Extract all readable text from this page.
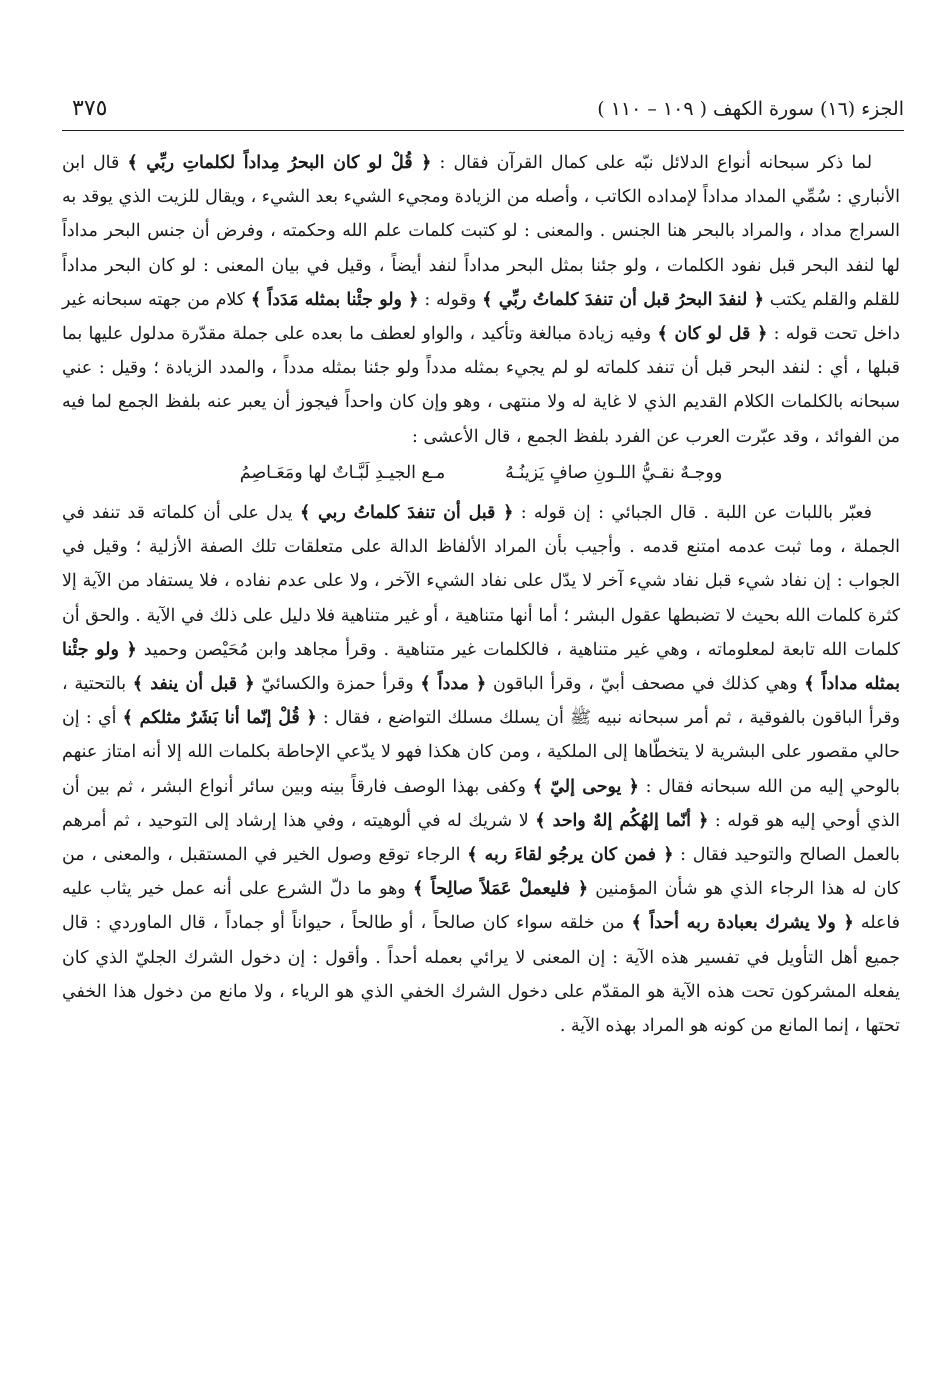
الجزء (١٦) سورة الكهف ( ١٠٩ – ١١٠ )
٣٧٥

لما ذكر سبحانه أنواع الدلائل نبّه على كمال القرآن فقال : ﴿ قُلْ لو كان البحرُ مِداداً لكلماتِ ربِّي ﴾ قال ابن الأنباري : سُمِّي المداد مداداً لإمداده الكاتب ، وأصله من الزيادة ومجيء الشيء بعد الشيء ، ويقال للزيت الذي يوقد به السراج مداد ، والمراد بالبحر هنا الجنس . والمعنى : لو كتبت كلمات علم الله وحكمته ، وفرض أن جنس البحر مداداً لها لنفد البحر قبل نفود الكلمات ، ولو جئنا بمثل البحر مداداً لنفد أيضاً ، وقيل في بيان المعنى : لو كان البحر مداداً للقلم والقلم يكتب ﴿ لنفدَ البحرُ قبل أن تنفدَ كلماتُ ربِّي ﴾ وقوله : ﴿ ولو جئْنا بمثله مَدَداً ﴾ كلام من جهته سبحانه غير داخل تحت قوله : ﴿ قل لو كان ﴾ وفيه زيادة مبالغة وتأكيد ، والواو لعطف ما بعده على جملة مقدّرة مدلول عليها بما قبلها ، أي : لنفد البحر قبل أن تنفد كلماته لو لم يجيء بمثله مدداً ولو جئنا بمثله مدداً ، والمدد الزيادة ؛ وقيل : عني سبحانه بالكلمات الكلام القديم الذي لا غاية له ولا منتهى ، وهو وإن كان واحداً فيجوز أن يعبر عنه بلفظ الجمع لما فيه من الفوائد ، وقد عبّرت العرب عن الفرد بلفظ الجمع ، قال الأعشى :

ووجـهٌ نقـيُّ اللـونِ صافٍ يَزينُـهُ
مـع الجيـدِ لَبَّـاتٌ لها ومَعَـاصِمُ

فعبّر باللبات عن اللبة . قال الجبائي : إن قوله : ﴿ قبل أن تنفدَ كلماتُ ربي ﴾ يدل على أن كلماته قد تنفد في الجملة ، وما ثبت عدمه امتنع قدمه . وأجيب بأن المراد الألفاظ الدالة على متعلقات تلك الصفة الأزلية ؛ وقيل في الجواب : إن نفاد شيء قبل نفاد شيء آخر لا يدّل على نفاد الشيء الآخر ، ولا على عدم نفاده ، فلا يستفاد من الآية إلا كثرة كلمات الله بحيث لا تضبطها عقول البشر ؛ أما أنها متناهية ، أو غير متناهية فلا دليل على ذلك في الآية . والحق أن كلمات الله تابعة لمعلوماته ، وهي غير متناهية ، فالكلمات غير متناهية . وقرأ مجاهد وابن مُحَيْصن وحميد ﴿ ولو جئْنا بمثله مداداً ﴾ وهي كذلك في مصحف أبيّ ، وقرأ الباقون ﴿ مدداً ﴾ وقرأ حمزة والكسائيّ ﴿ قبل أن ينفد ﴾ بالتحتية ، وقرأ الباقون بالفوقية ، ثم أمر سبحانه نبيه ﷺ أن يسلك مسلك التواضع ، فقال : ﴿ قُلْ إنّما أنا بَشَرٌ مثلكم ﴾ أي : إن حالي مقصور على البشرية لا يتخطّاها إلى الملكية ، ومن كان هكذا فهو لا يدّعي الإحاطة بكلمات الله إلا أنه امتاز عنهم بالوحي إليه من الله سبحانه فقال : ﴿ يوحى إليّ ﴾ وكفى بهذا الوصف فارقاً بينه وبين سائر أنواع البشر ، ثم بين أن الذي أوحي إليه هو قوله : ﴿ أنّما إلهُكُم إلهٌ واحد ﴾ لا شريك له في ألوهيته ، وفي هذا إرشاد إلى التوحيد ، ثم أمرهم بالعمل الصالح والتوحيد فقال : ﴿ فمن كان يرجُو لقاءَ ربه ﴾ الرجاء توقع وصول الخير في المستقبل ، والمعنى ، من كان له هذا الرجاء الذي هو شأن المؤمنين ﴿ فليعملْ عَمَلاً صالِحاً ﴾ وهو ما دلّ الشرع على أنه عمل خير يثاب عليه فاعله ﴿ ولا يشرك بعبادة ربه أحداً ﴾ من خلقه سواء كان صالحاً ، أو طالحاً ، حيواناً أو جماداً ، قال الماوردي : قال جميع أهل التأويل في تفسير هذه الآية : إن المعنى لا يرائي بعمله أحداً . وأقول : إن دخول الشرك الجليّ الذي كان يفعله المشركون تحت هذه الآية هو المقدّم على دخول الشرك الخفي الذي هو الرياء ، ولا مانع من دخول هذا الخفي تحتها ، إنما المانع من كونه هو المراد بهذه الآية .
